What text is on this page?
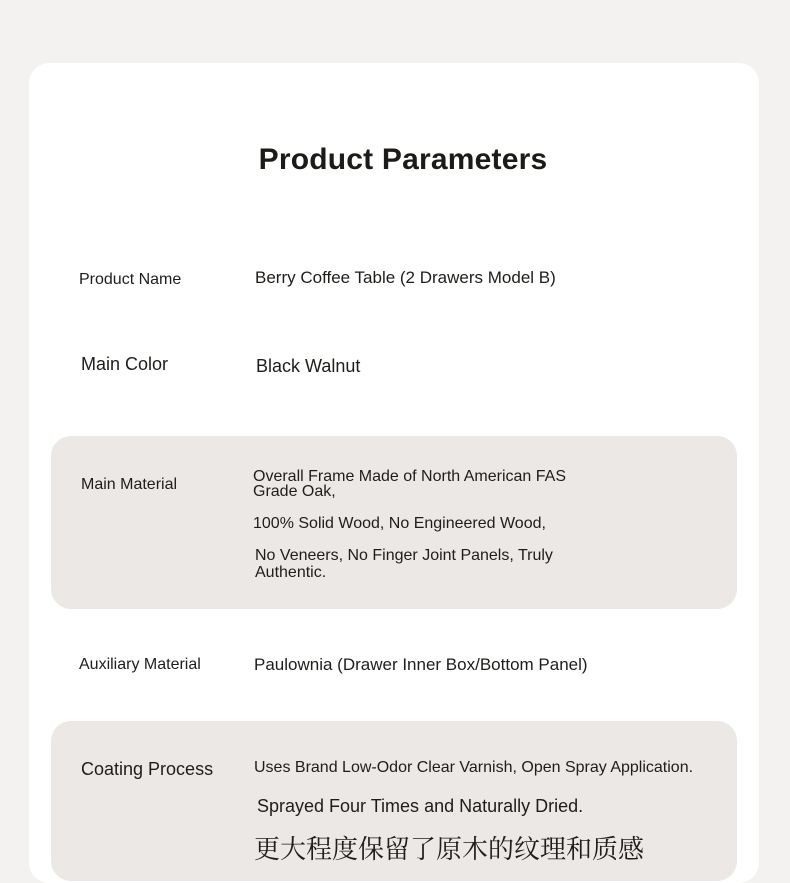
Product Parameters
Product Name	Berry Coffee Table (2 Drawers Model B)
Main Color	Black Walnut
Main Material	Overall Frame Made of North American FAS
Grade Oak,
100% Solid Wood, No Engineered Wood,
No Veneers, No Finger Joint Panels, Truly
Authentic.
Auxiliary Material	Paulownia (Drawer Inner Box/Bottom Panel)
Coating Process	Uses Brand Low-Odor Clear Varnish, Open Spray Application.
Sprayed Four Times and Naturally Dried.
更大程度保留了原木的纹理和质感
